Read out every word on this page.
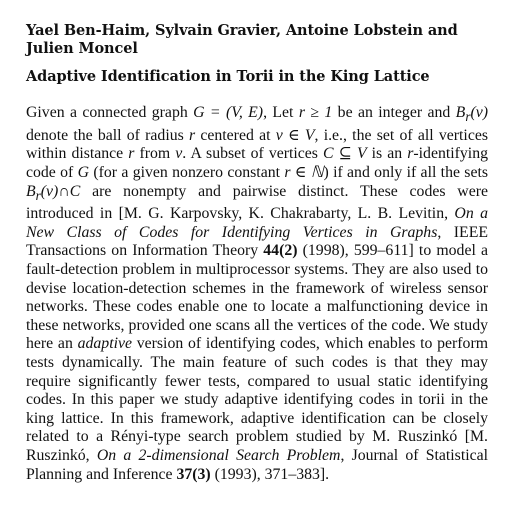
Yael Ben-Haim, Sylvain Gravier, Antoine Lobstein and Julien Moncel
Adaptive Identification in Torii in the King Lattice

Given a connected graph G = (V, E), Let r ≥ 1 be an integer and $B_r(v)$ denote the ball of radius r centered at v ∈ V, i.e., the set of all vertices within distance r from v. A subset of vertices C ⊆ V is an r-identifying code of G (for a given nonzero constant r ∈ ℕ) if and only if all the sets $B_r(v)\cap C$ are nonempty and pairwise distinct. These codes were introduced in [M. G. Karpovsky, K. Chakrabarty, L. B. Levitin, On a New Class of Codes for Identifying Vertices in Graphs, IEEE Transactions on Information Theory 44(2) (1998), 599–611] to model a fault-detection problem in multiprocessor systems. They are also used to devise location-detection schemes in the framework of wireless sensor networks. These codes enable one to locate a malfunctioning device in these networks, provided one scans all the vertices of the code. We study here an adaptive version of identifying codes, which enables to perform tests dynamically. The main feature of such codes is that they may require significantly fewer tests, compared to usual static identifying codes. In this paper we study adaptive identifying codes in torii in the king lattice. In this framework, adaptive identification can be closely related to a Rényi-type search problem studied by M. Ruszinkó [M. Ruszinkó, On a 2-dimensional Search Problem, Journal of Statistical Planning and Inference 37(3) (1993), 371–383].
